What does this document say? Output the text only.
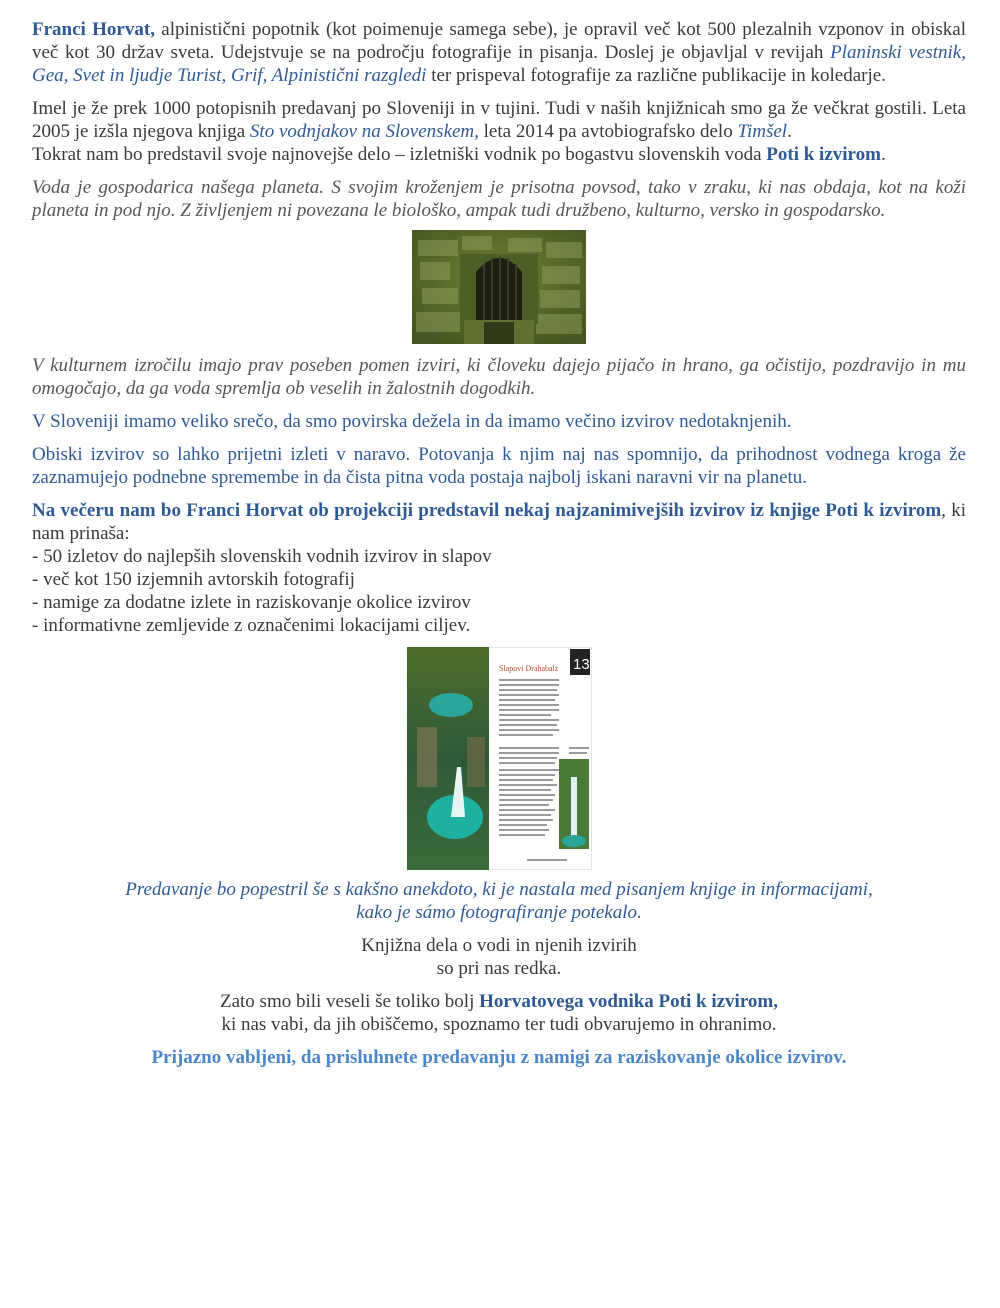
Franci Horvat, alpinistični popotnik (kot poimenuje samega sebe), je opravil več kot 500 plezalnih vzponov in obiskal več kot 30 držav sveta. Udejstvuje se na področju fotografije in pisanja. Doslej je objavljal v revijah Planinski vestnik, Gea, Svet in ljudje Turist, Grif, Alpinistični razgledi ter prispeval fotografije za različne publikacije in koledarje.

Imel je že prek 1000 potopisnih predavanj po Sloveniji in v tujini. Tudi v naših knjižnicah smo ga že večkrat gostili. Leta 2005 je izšla njegova knjiga Sto vodnjakov na Slovenskem, leta 2014 pa avtobiografsko delo Timšel.
Tokrat nam bo predstavil svoje najnovejše delo – izletniški vodnik po bogastvu slovenskih voda Poti k izvirom.

Voda je gospodarica našega planeta. S svojim kroženjem je prisotna povsod, tako v zraku, ki nas obdaja, kot na koži planeta in pod njo. Z življenjem ni povezana le biološko, ampak tudi družbeno, kulturno, versko in gospodarsko.

V kulturnem izročilu imajo prav poseben pomen izviri, ki človeku dajejo pijačo in hrano, ga očistijo, pozdravijo in mu omogočajo, da ga voda spremlja ob veselih in žalostnih dogodkih.

V Sloveniji imamo veliko srečo, da smo povirska dežela in da imamo večino izvirov nedotaknjenih.

Obiski izvirov so lahko prijetni izleti v naravo. Potovanja k njim naj nas spomnijo, da prihodnost vodnega kroga že zaznamujejo podnebne spremembe in da čista pitna voda postaja najbolj iskani naravni vir na planetu.

Na večeru nam bo Franci Horvat ob projekciji predstavil nekaj najzanimivejših izvirov iz knjige Poti k izvirom, ki nam prinaša:

- 50 izletov do najlepših slovenskih vodnih izvirov in slapov
- več kot 150 izjemnih avtorskih fotografij
- namige za dodatne izlete in raziskovanje okolice izvirov
- informativne zemljevide z označenimi lokacijami ciljev.
Slapovi Drahabalz 13

Predavanje bo popestril še s kakšno anekdoto, ki je nastala med pisanjem knjige in informacijami,

kako je sámo fotografiranje potekalo.

Knjižna dela o vodi in njenih izvirih

so pri nas redka.

Zato smo bili veseli še toliko bolj Horvatovega vodnika Poti k izvirom,

ki nas vabi, da jih obiščemo, spoznamo ter tudi obvarujemo in ohranimo.

Prijazno vabljeni, da prisluhnete predavanju z namigi za raziskovanje okolice izvirov.
